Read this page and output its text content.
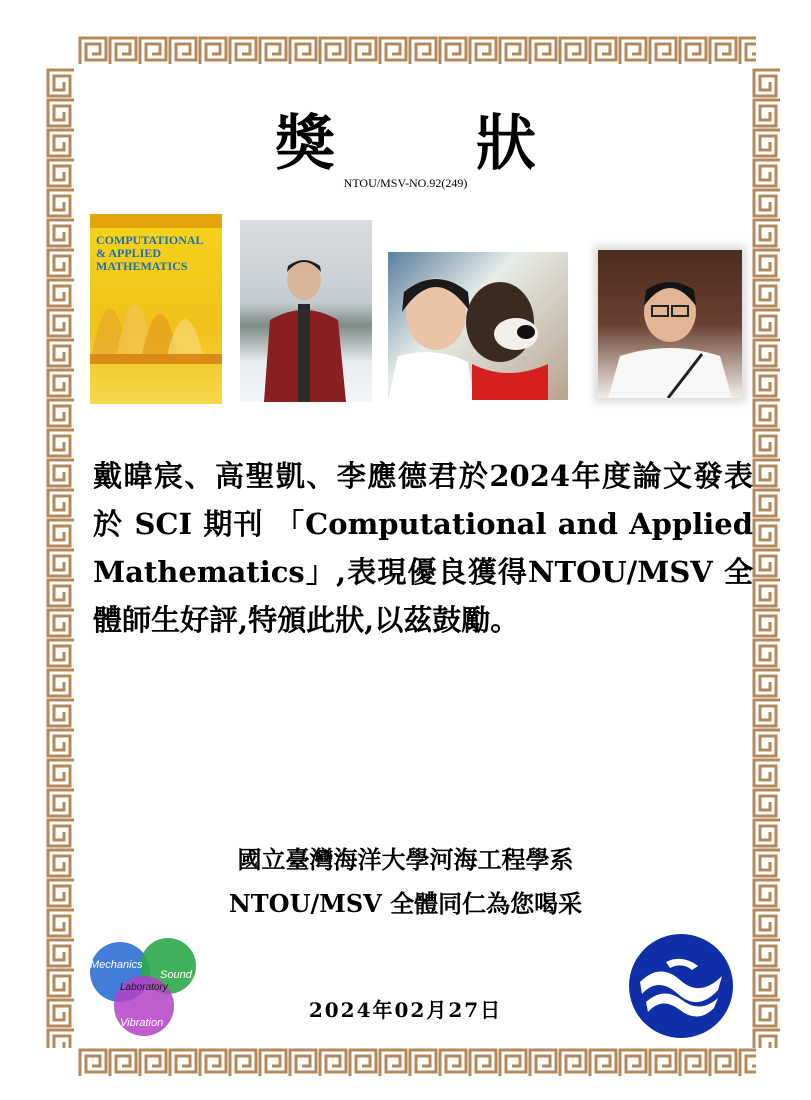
獎 狀
NTOU/MSV-NO.92(249)
COMPUTATIONAL
& APPLIED
MATHEMATICS
戴暐宸、高聖凱、李應德君於2024年度論文發表於 SCI 期刊 「Computational and Applied Mathematics」,表現優良獲得NTOU/MSV 全體師生好評,特頒此狀,以茲鼓勵。
國立臺灣海洋大學河海工程學系
NTOU/MSV 全體同仁為您喝采
2024年02月27日
Mechanics
Sound
Laboratory
Vibration
